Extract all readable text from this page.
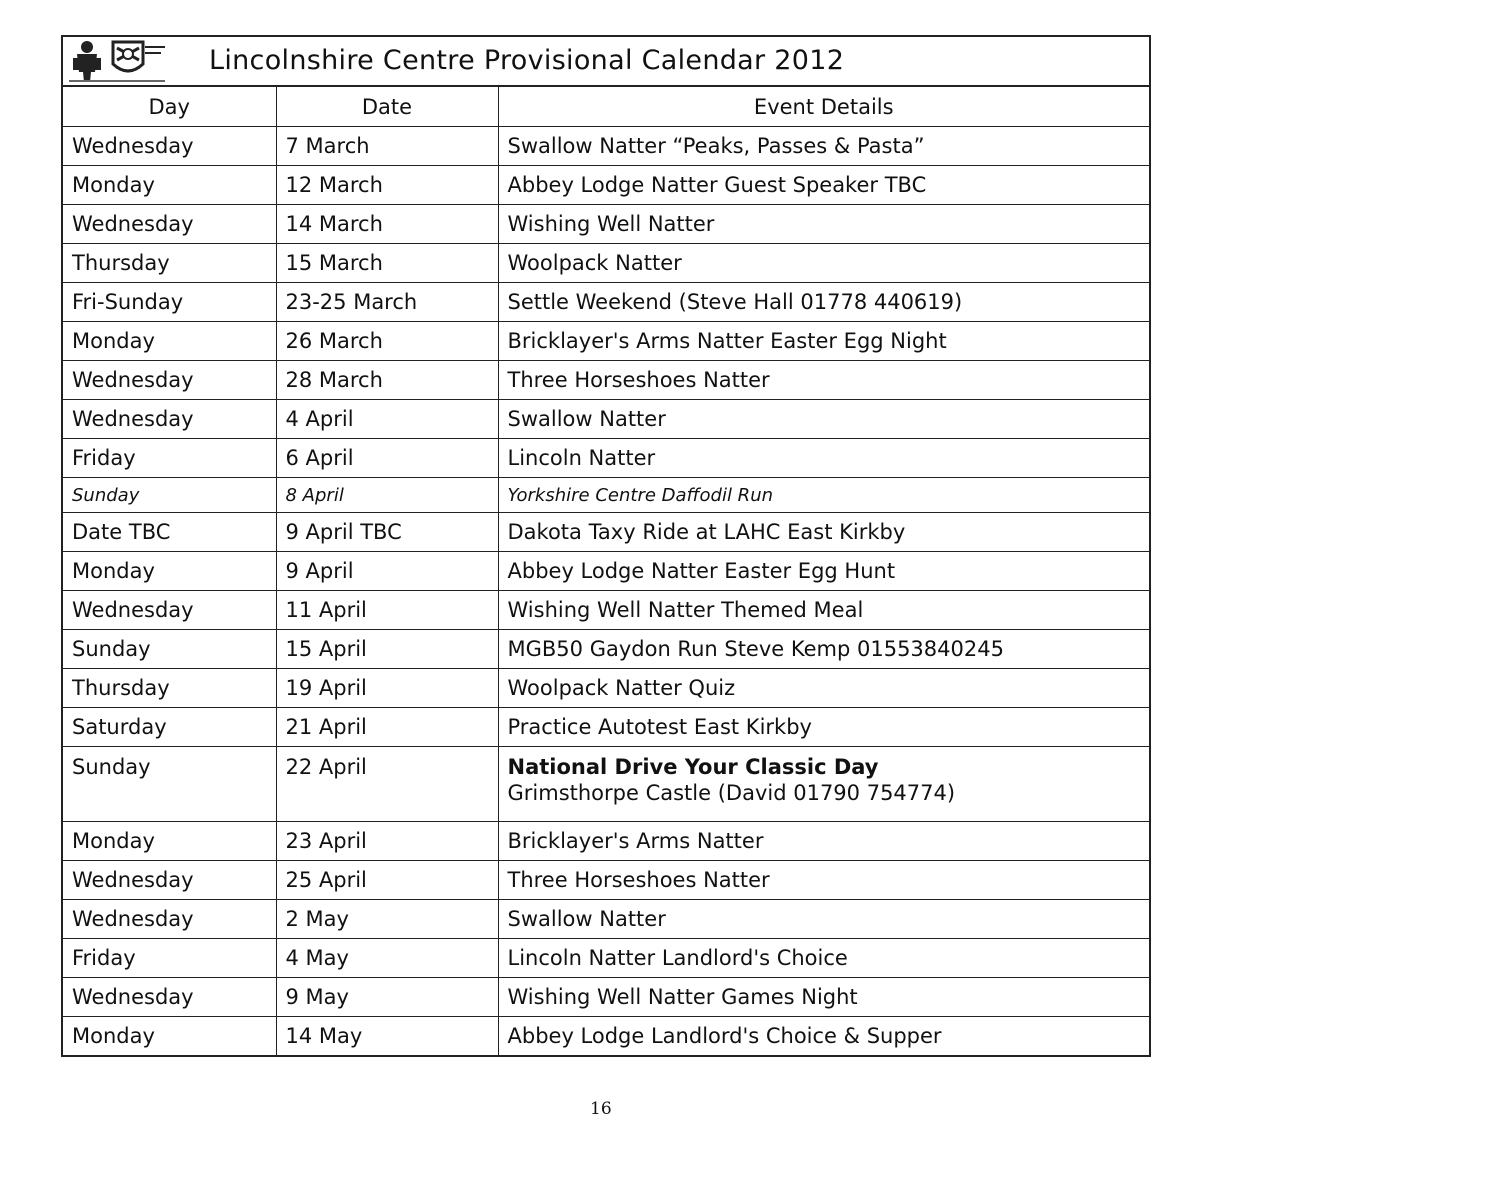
Lincolnshire Centre Provisional Calendar 2012
Day	Date	Event Details
Wednesday	7 March	Swallow Natter “Peaks, Passes & Pasta”
Monday	12 March	Abbey Lodge Natter Guest Speaker TBC
Wednesday	14 March	Wishing Well Natter
Thursday	15 March	Woolpack Natter
Fri-Sunday	23-25 March	Settle Weekend (Steve Hall 01778 440619)
Monday	26 March	Bricklayer's Arms Natter Easter Egg Night
Wednesday	28 March	Three Horseshoes Natter
Wednesday	4 April	Swallow Natter
Friday	6 April	Lincoln Natter
Sunday	8 April	Yorkshire Centre Daffodil Run
Date TBC	9 April TBC	Dakota Taxy Ride at LAHC East Kirkby
Monday	9 April	Abbey Lodge Natter Easter Egg Hunt
Wednesday	11 April	Wishing Well Natter Themed Meal
Sunday	15 April	MGB50 Gaydon Run Steve Kemp 01553840245
Thursday	19 April	Woolpack Natter Quiz
Saturday	21 April	Practice Autotest East Kirkby
Sunday	22 April	National Drive Your Classic Day
Grimsthorpe Castle (David 01790 754774)

Monday	23 April	Bricklayer's Arms Natter
Wednesday	25 April	Three Horseshoes Natter
Wednesday	2 May	Swallow Natter
Friday	4 May	Lincoln Natter Landlord's Choice
Wednesday	9 May	Wishing Well Natter Games Night
Monday	14 May	Abbey Lodge Landlord's Choice & Supper
16
